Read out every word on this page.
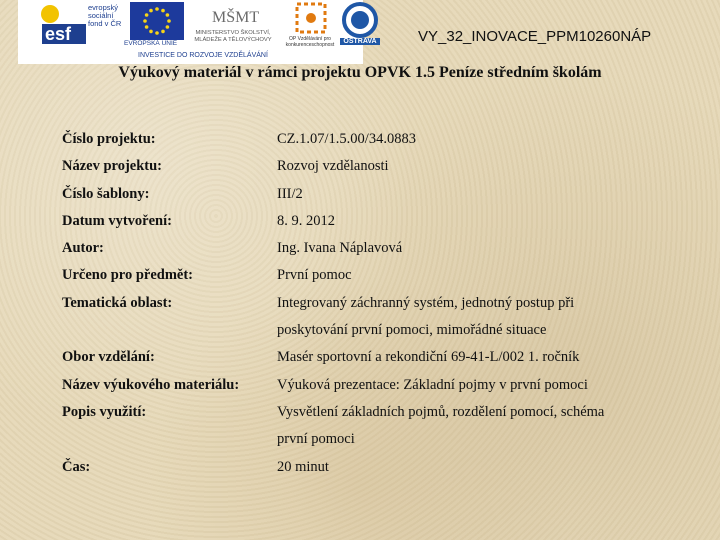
esf
evropský
sociální
fond v ČR
EVROPSKÁ UNIE
MŠMT
MINISTERSTVO ŠKOLSTVÍ, MLÁDEŽE A TĚLOVÝCHOVY	OP Vzdělávání pro konkurenceschopnost	OSTRAVA
INVESTICE DO ROZVOJE VZDĚLÁVÁNÍ
VY_32_INOVACE_PPM10260NÁP
Výukový materiál v rámci projektu OPVK 1.5 Peníze středním školám
Číslo projektu:	CZ.1.07/1.5.00/34.0883
Název projektu:	Rozvoj vzdělanosti
Číslo šablony:	III/2
Datum vytvoření:	8. 9. 2012
Autor:	Ing. Ivana Náplavová
Určeno pro předmět:	První pomoc
Tematická oblast:	Integrovaný záchranný systém, jednotný postup při
poskytování první pomoci, mimořádné situace
Obor vzdělání:	Masér sportovní a rekondiční 69-41-L/002 1. ročník
Název výukového materiálu:	Výuková prezentace: Základní pojmy v první pomoci
Popis využití:	Vysvětlení základních pojmů, rozdělení pomocí, schéma
první pomoci
Čas:	20 minut
